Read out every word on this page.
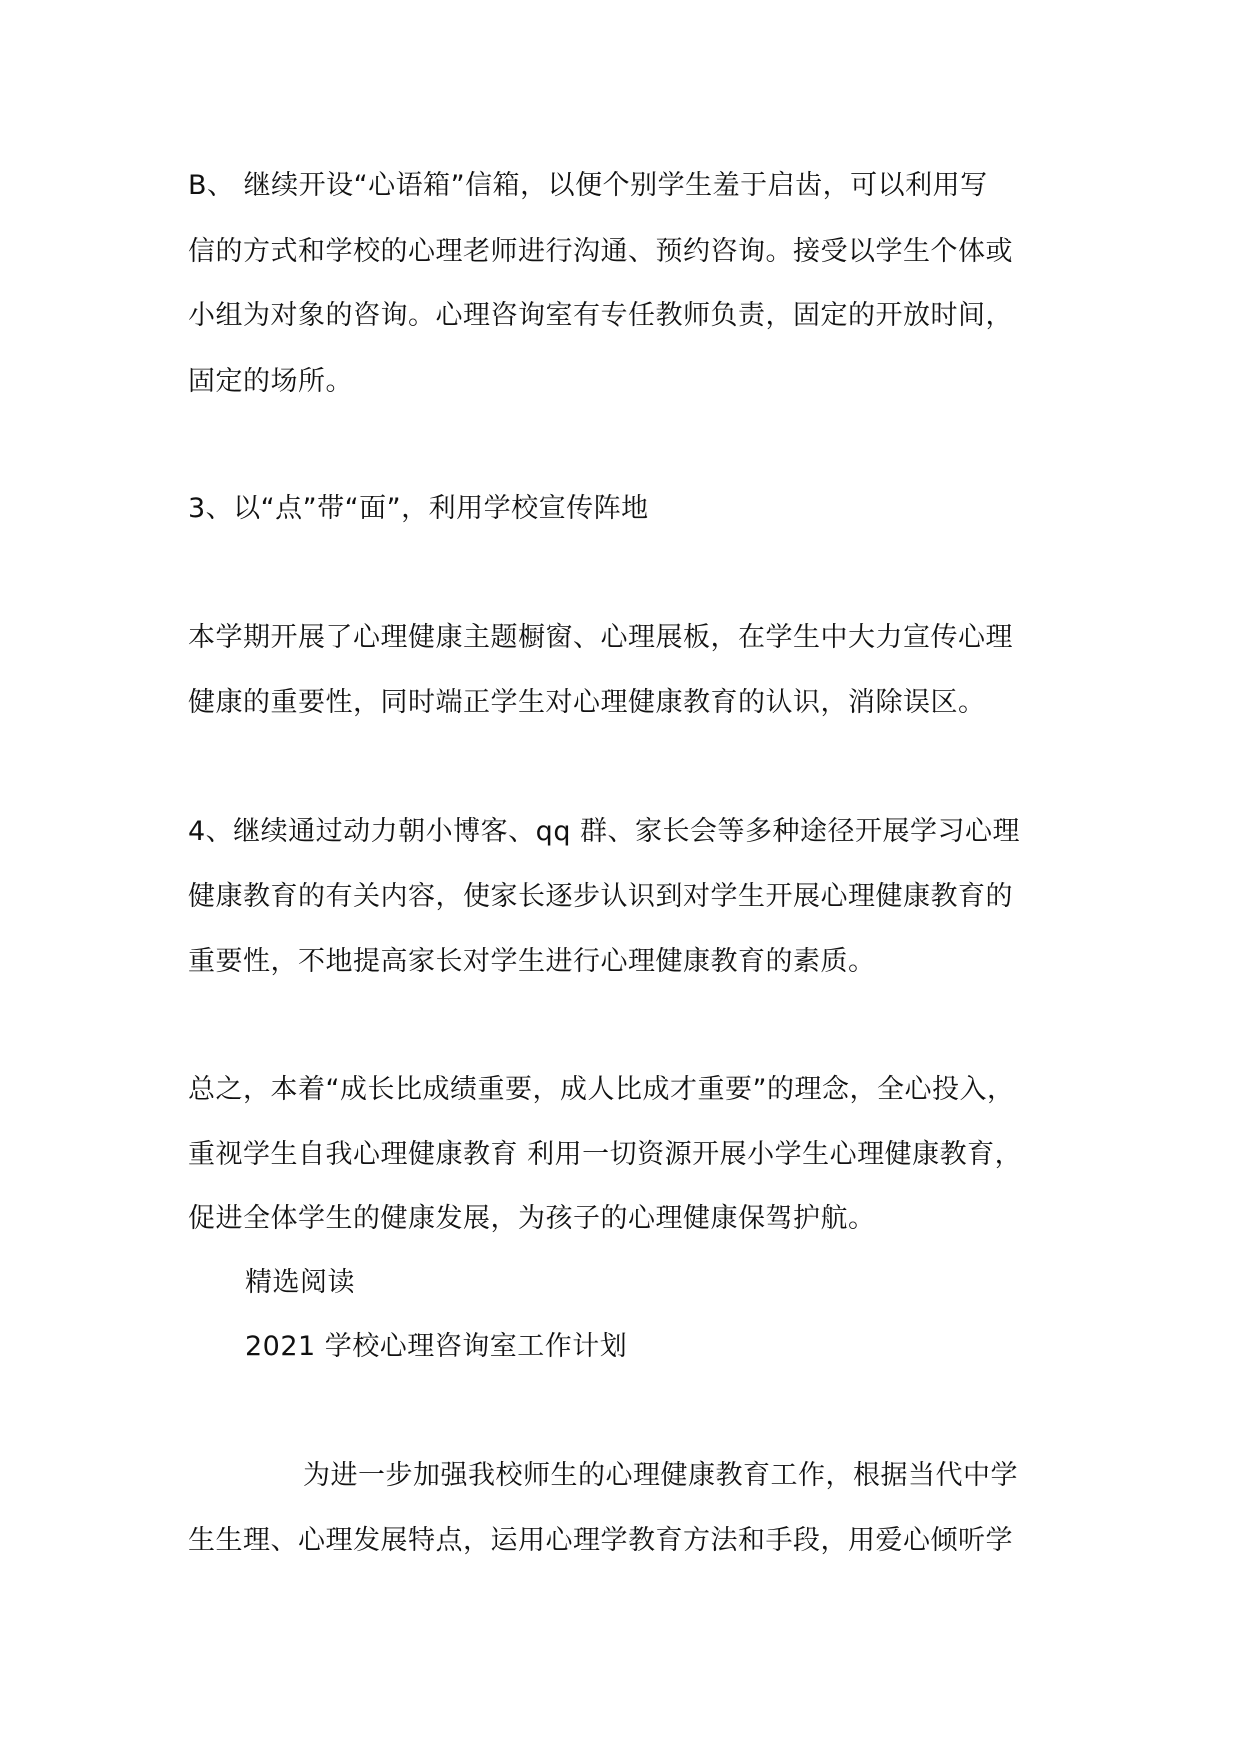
B、 继续开设“心语箱”信箱，以便个别学生羞于启齿，可以利用写
信的方式和学校的心理老师进行沟通、预约咨询。接受以学生个体或
小组为对象的咨询。心理咨询室有专任教师负责，固定的开放时间，
固定的场所。
3、以“点”带“面”，利用学校宣传阵地
本学期开展了心理健康主题橱窗、心理展板，在学生中大力宣传心理
健康的重要性，同时端正学生对心理健康教育的认识，消除误区。
4、继续通过动力朝小博客、qq 群、家长会等多种途径开展学习心理
健康教育的有关内容，使家长逐步认识到对学生开展心理健康教育的
重要性，不地提高家长对学生进行心理健康教育的素质。
总之，本着“成长比成绩重要，成人比成才重要”的理念，全心投入，
重视学生自我心理健康教育 利用一切资源开展小学生心理健康教育，
促进全体学生的健康发展，为孩子的心理健康保驾护航。
精选阅读
2021 学校心理咨询室工作计划
为进一步加强我校师生的心理健康教育工作，根据当代中学
生生理、心理发展特点，运用心理学教育方法和手段，用爱心倾听学
